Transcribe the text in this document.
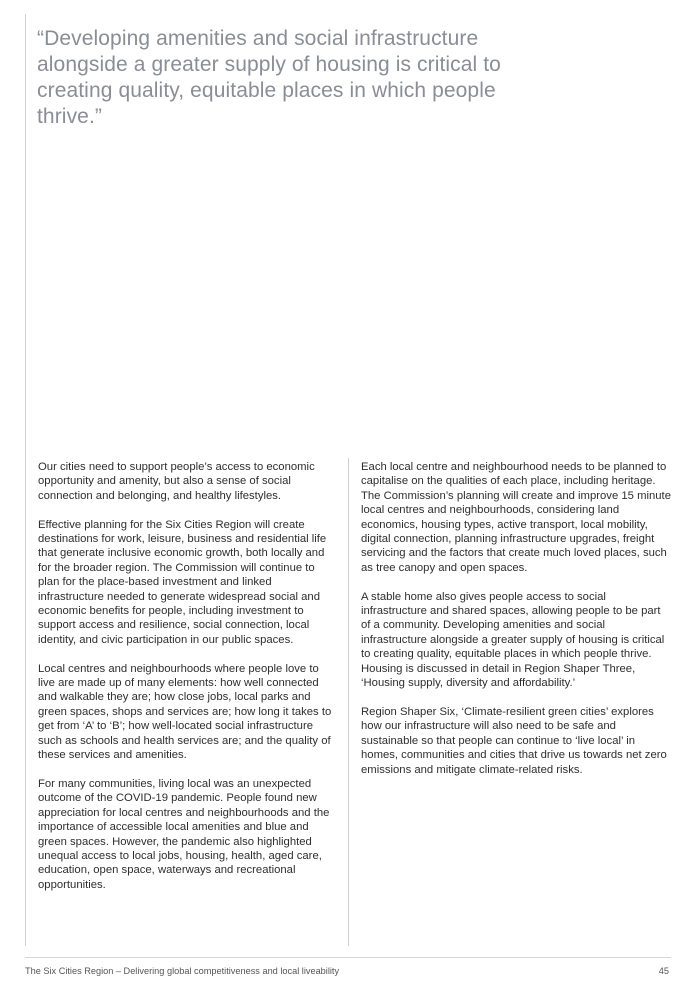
“Developing amenities and social infrastructure alongside a greater supply of housing is critical to creating quality, equitable places in which people thrive.”

Our cities need to support people’s access to economic opportunity and amenity, but also a sense of social connection and belonging, and healthy lifestyles.

Effective planning for the Six Cities Region will create destinations for work, leisure, business and residential life that generate inclusive economic growth, both locally and for the broader region. The Commission will continue to plan for the place-based investment and linked infrastructure needed to generate widespread social and economic benefits for people, including investment to support access and resilience, social connection, local identity, and civic participation in our public spaces.

Local centres and neighbourhoods where people love to live are made up of many elements: how well connected and walkable they are; how close jobs, local parks and green spaces, shops and services are; how long it takes to get from ‘A’ to ‘B’; how well-located social infrastructure such as schools and health services are; and the quality of these services and amenities.

For many communities, living local was an unexpected outcome of the COVID-19 pandemic. People found new appreciation for local centres and neighbourhoods and the importance of accessible local amenities and blue and green spaces. However, the pandemic also highlighted unequal access to local jobs, housing, health, aged care, education, open space, waterways and recreational opportunities.

Each local centre and neighbourhood needs to be planned to capitalise on the qualities of each place, including heritage. The Commission’s planning will create and improve 15 minute local centres and neighbourhoods, considering land economics, housing types, active transport, local mobility, digital connection, planning infrastructure upgrades, freight servicing and the factors that create much loved places, such as tree canopy and open spaces.

A stable home also gives people access to social infrastructure and shared spaces, allowing people to be part of a community. Developing amenities and social infrastructure alongside a greater supply of housing is critical to creating quality, equitable places in which people thrive. Housing is discussed in detail in Region Shaper Three, ‘Housing supply, diversity and affordability.’

Region Shaper Six, ‘Climate-resilient green cities’ explores how our infrastructure will also need to be safe and sustainable so that people can continue to ‘live local’ in homes, communities and cities that drive us towards net zero emissions and mitigate climate-related risks.

The Six Cities Region – Delivering global competitiveness and local liveability	45
